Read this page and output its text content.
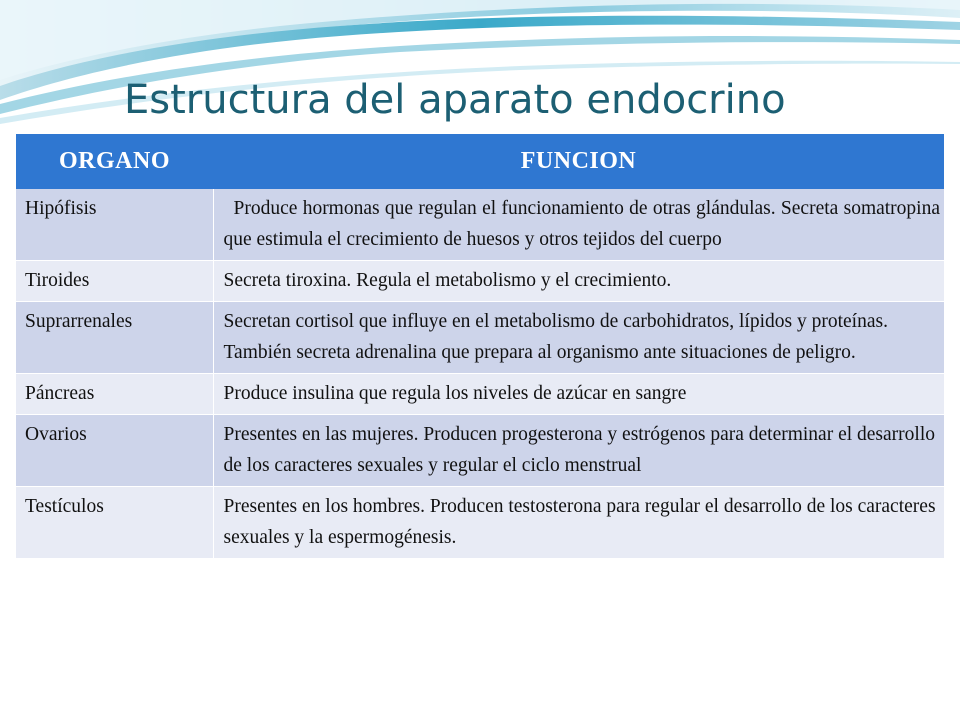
Estructura del aparato endocrino
ORGANO	FUNCION
Hipófisis	Produce hormonas que regulan el funcionamiento de otras glándulas. Secreta somatropina que estimula el crecimiento de huesos y otros tejidos del cuerpo
Tiroides	Secreta tiroxina. Regula el metabolismo y el crecimiento.
Suprarrenales	Secretan cortisol que influye en el metabolismo de carbohidratos, lípidos y proteínas. También secreta adrenalina que prepara al organismo ante situaciones de peligro.
Páncreas	Produce insulina que regula los niveles de azúcar en sangre
Ovarios	Presentes en las mujeres. Producen progesterona y estrógenos para determinar el desarrollo de los caracteres sexuales y regular el ciclo menstrual
Testículos	Presentes en los hombres. Producen testosterona para regular el desarrollo de los caracteres sexuales y la espermogénesis.
